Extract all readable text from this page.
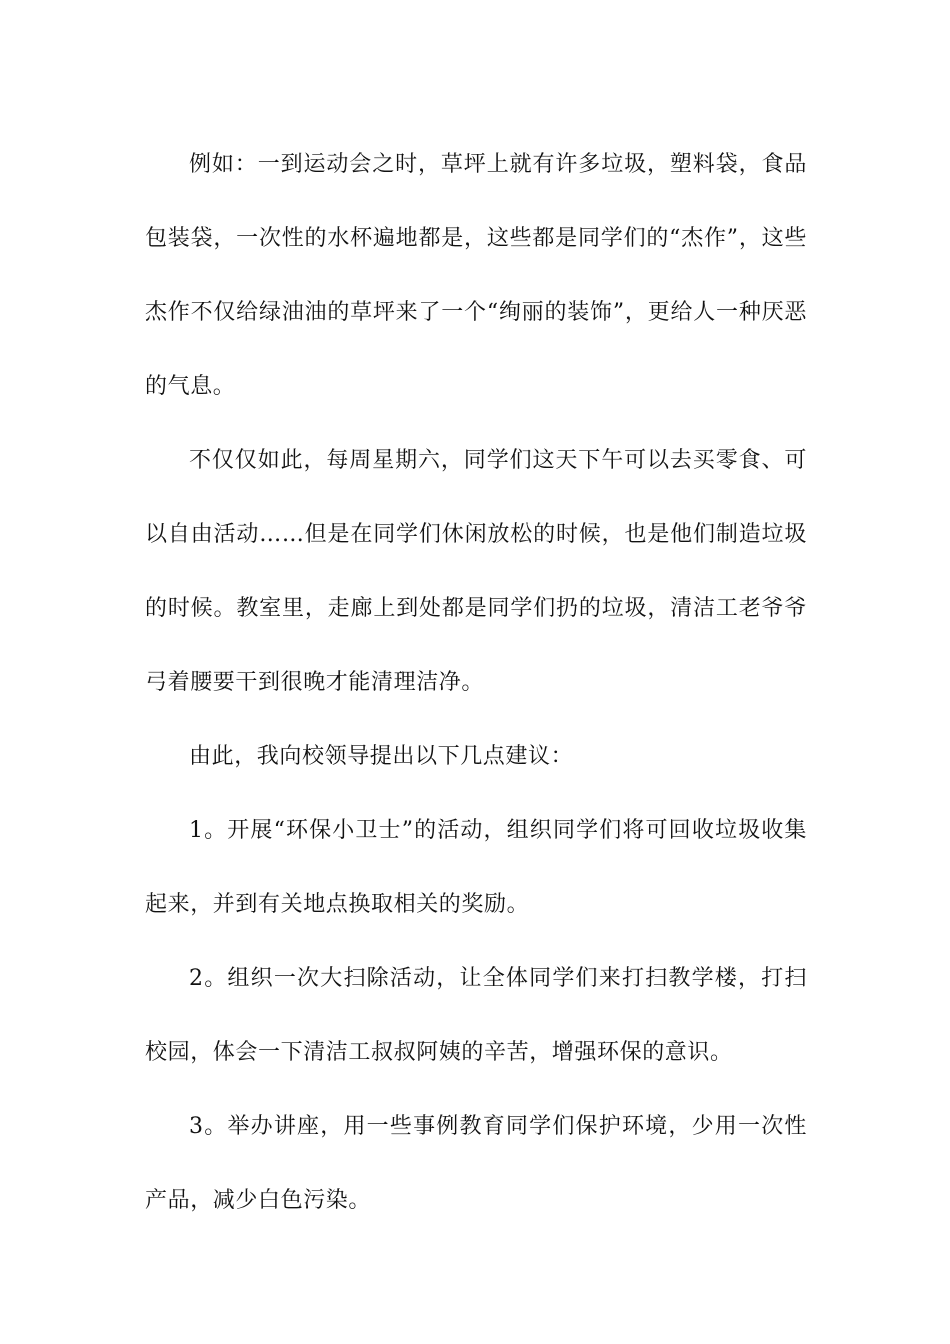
例如：一到运动会之时，草坪上就有许多垃圾，塑料袋，食品包装袋，一次性的水杯遍地都是，这些都是同学们的“杰作”，这些杰作不仅给绿油油的草坪来了一个“绚丽的装饰”，更给人一种厌恶的气息。

不仅仅如此，每周星期六，同学们这天下午可以去买零食、可以自由活动……但是在同学们休闲放松的时候，也是他们制造垃圾的时候。教室里，走廊上到处都是同学们扔的垃圾，清洁工老爷爷弓着腰要干到很晚才能清理洁净。

由此，我向校领导提出以下几点建议：

1。开展“环保小卫士”的活动，组织同学们将可回收垃圾收集起来，并到有关地点换取相关的奖励。

2。组织一次大扫除活动，让全体同学们来打扫教学楼，打扫校园，体会一下清洁工叔叔阿姨的辛苦，增强环保的意识。

3。举办讲座，用一些事例教育同学们保护环境，少用一次性产品，减少白色污染。
